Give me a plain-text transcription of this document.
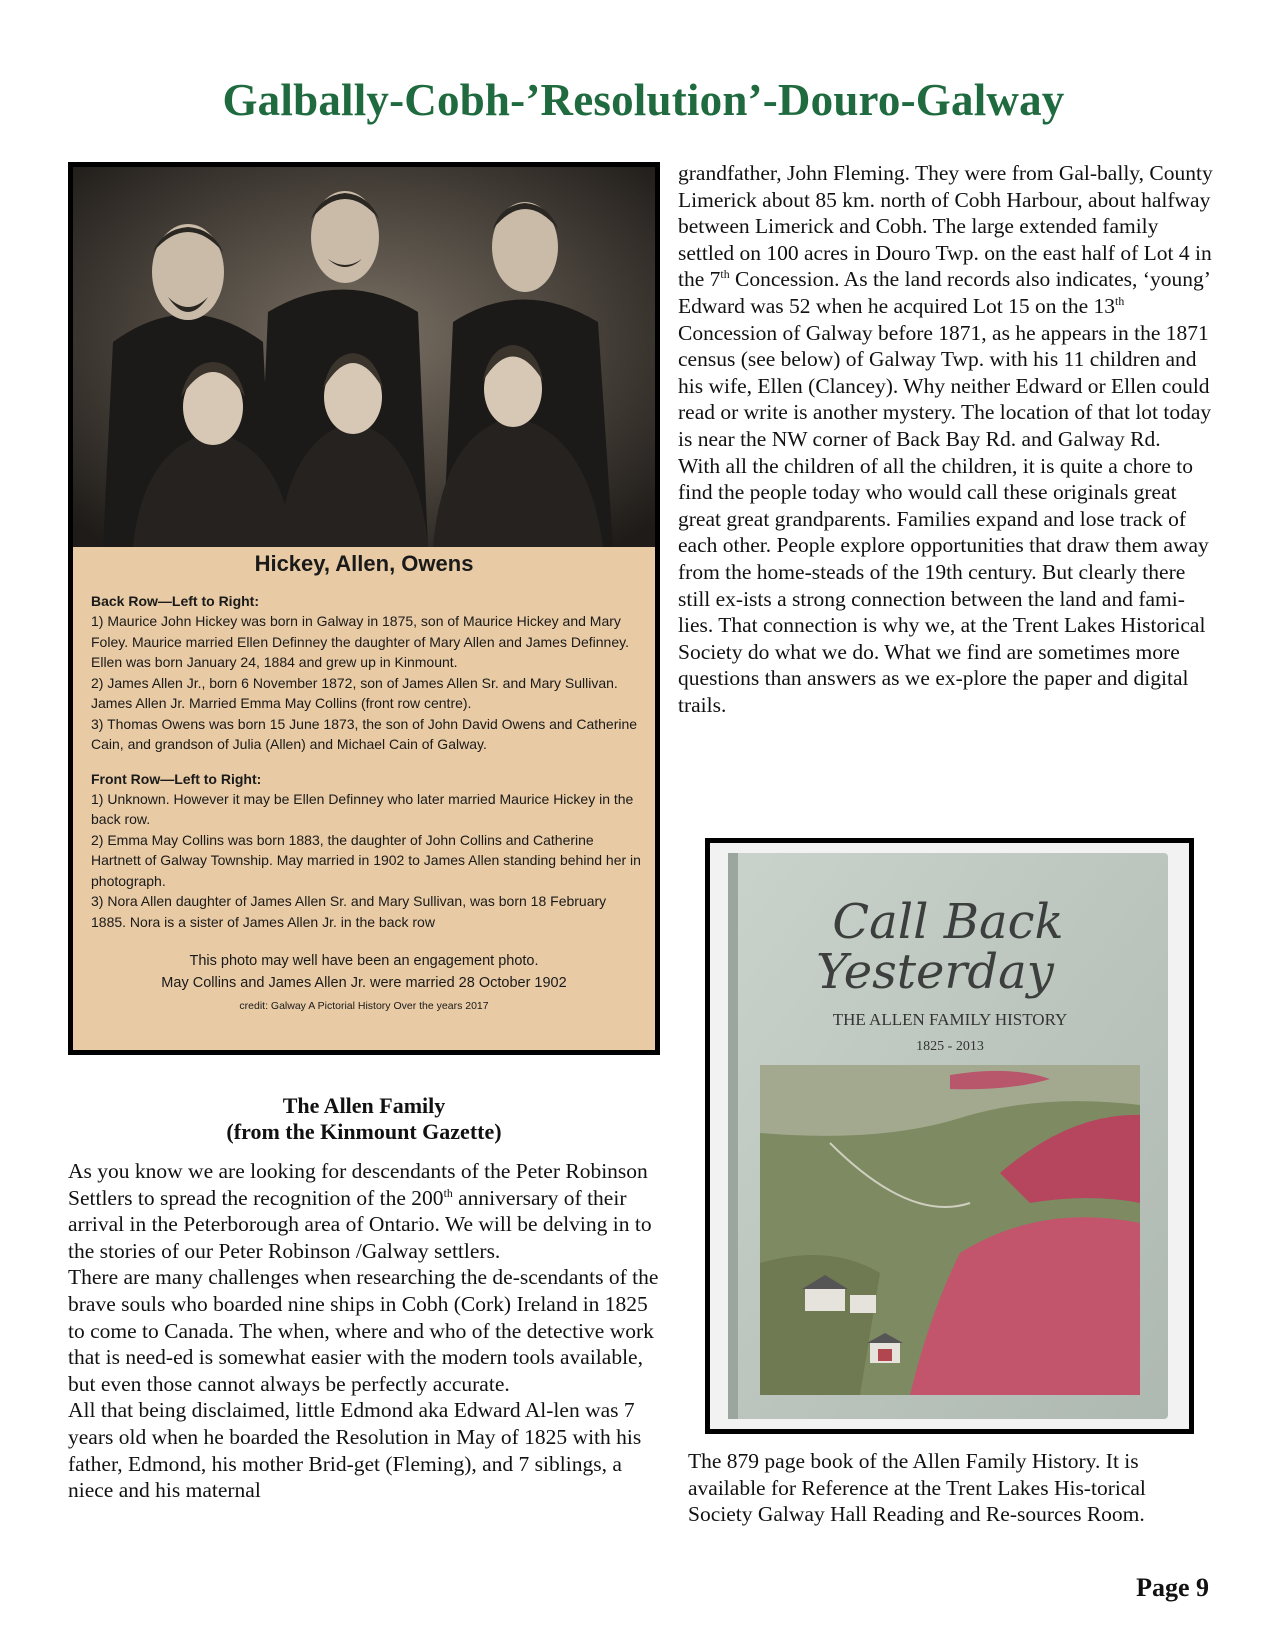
Galbally-Cobh-’Resolution’-Douro-Galway
Hickey, Allen, Owens
Back Row—Left to Right:
1) Maurice John Hickey was born in Galway in 1875, son of Maurice Hickey and Mary Foley. Maurice married Ellen Definney the daughter of Mary Allen and James Definney. Ellen was born January 24, 1884 and grew up in Kinmount.
2) James Allen Jr., born 6 November 1872, son of James Allen Sr. and Mary Sullivan. James Allen Jr. Married Emma May Collins (front row centre).
3) Thomas Owens was born 15 June 1873, the son of John David Owens and Catherine Cain, and grandson of Julia (Allen) and Michael Cain of Galway.
Front Row—Left to Right:
1) Unknown. However it may be Ellen Definney who later married Maurice Hickey in the back row.
2) Emma May Collins was born 1883, the daughter of John Collins and Catherine Hartnett of Galway Township. May married in 1902 to James Allen standing behind her in photograph.
3) Nora Allen daughter of James Allen Sr. and Mary Sullivan, was born 18 February 1885. Nora is a sister of James Allen Jr. in the back row
This photo may well have been an engagement photo.
May Collins and James Allen Jr. were married 28 October 1902
credit: Galway A Pictorial History Over the years 2017
The Allen Family
(from the Kinmount Gazette)

As you know we are looking for descendants of the Peter Robinson Settlers to spread the recognition of the 200th anniversary of their arrival in the Peterborough area of Ontario. We will be delving in to the stories of our Peter Robinson /Galway settlers.

There are many challenges when researching the de-scendants of the brave souls who boarded nine ships in Cobh (Cork) Ireland in 1825 to come to Canada. The when, where and who of the detective work that is need-ed is somewhat easier with the modern tools available, but even those cannot always be perfectly accurate.

All that being disclaimed, little Edmond aka Edward Al-len was 7 years old when he boarded the Resolution in May of 1825 with his father, Edmond, his mother Brid-get (Fleming), and 7 siblings, a niece and his maternal

grandfather, John Fleming. They were from Gal-bally, County Limerick about 85 km. north of Cobh Harbour, about halfway between Limerick and Cobh. The large extended family settled on 100 acres in Douro Twp. on the east half of Lot 4 in the 7th Concession. As the land records also indicates, ‘young’ Edward was 52 when he acquired Lot 15 on the 13th Concession of Galway before 1871, as he appears in the 1871 census (see below) of Galway Twp. with his 11 children and his wife, Ellen (Clancey). Why neither Edward or Ellen could read or write is another mystery. The location of that lot today is near the NW corner of Back Bay Rd. and Galway Rd.

With all the children of all the children, it is quite a chore to find the people today who would call these originals great great great grandparents. Families expand and lose track of each other. People explore opportunities that draw them away from the home-steads of the 19th century. But clearly there still ex-ists a strong connection between the land and fami-lies. That connection is why we, at the Trent Lakes Historical Society do what we do. What we find are sometimes more questions than answers as we ex-plore the paper and digital trails.

Call Back
Yesterday
THE ALLEN FAMILY HISTORY
1825 - 2013
The 879 page book of the Allen Family History. It is available for Reference at the Trent Lakes His-torical Society Galway Hall Reading and Re-sources Room.
Page 9
